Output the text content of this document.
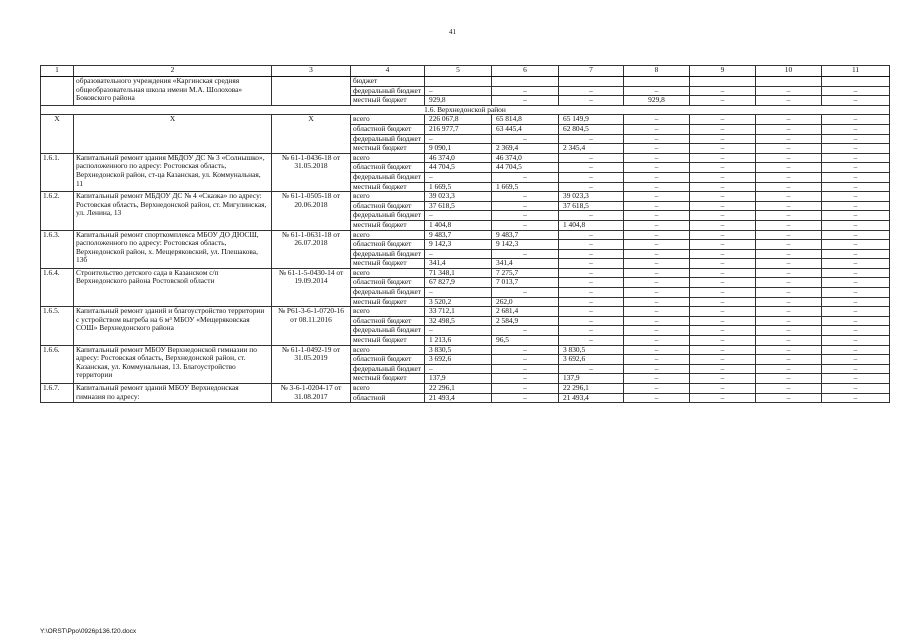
41
1	2	3	4	5	6	7	8	9	10	11
	образовательного учреждения «Каргинская средняя общеобразовательная школа имени М.А. Шолохова» Боковского района		бюджет							
			федеральный бюджет	–	–	–	–	–	–	–
			местный бюджет	929,8	–	–	929,8	–	–	–
1.6. Верхнедонской район										
Х	Х	Х	всего	226 067,8	65 814,8	65 149,9	–	–	–	–
			областной бюджет	216 977,7	63 445,4	62 804,5	–	–	–	–
			федеральный бюджет	–	–	–	–	–	–	–
			местный бюджет	9 090,1	2 369,4	2 345,4	–	–	–	–
1.6.1.	Капитальный ремонт здания МБДОУ ДС № 3 «Солнышко», расположенного по адресу: Ростовская область, Верхнедонской район, ст-ца Казанская, ул. Коммунальная, 11	№ 61-1-0436-18 от 31.05.2018	всего	46 374,0	46 374,0	–	–	–	–	–
			областной бюджет	44 704,5	44 704,5	–	–	–	–	–
			федеральный бюджет	–	–	–	–	–	–	–
			местный бюджет	1 669,5	1 669,5	–	–	–	–	–
1.6.2.	Капитальный ремонт МБДОУ ДС № 4 «Сказка» по адресу: Ростовская область, Верхнедонской район, ст. Мигулинская, ул. Ленина, 13	№ 61-1-0505-18 от 20.06.2018	всего	39 023,3	–	39 023,3	–	–	–	–
			областной бюджет	37 618,5	–	37 618,5	–	–	–	–
			федеральный бюджет	–	–	–	–	–	–	–
			местный бюджет	1 404,8	–	1 404,8	–	–	–	–
1.6.3.	Капитальный ремонт спорткомплекса МБОУ ДО ДЮСШ, расположенного по адресу: Ростовская область, Верхнедонской район, х. Мещеряковский, ул. Плешакова, 13б	№ 61-1-0631-18 от 26.07.2018	всего	9 483,7	9 483,7	–	–	–	–	–
			областной бюджет	9 142,3	9 142,3	–	–	–	–	–
			федеральный бюджет	–	–	–	–	–	–	–
			местный бюджет	341,4	341,4	–	–	–	–	–
1.6.4.	Строительство детского сада в Казанском с/п Верхнедонского района Ростовской области	№ 61-1-5-0430-14 от 19.09.2014	всего	71 348,1	7 275,7	–	–	–	–	–
			областной бюджет	67 827,9	7 013,7	–	–	–	–	–
			федеральный бюджет	–	–	–	–	–	–	–
			местный бюджет	3 520,2	262,0	–	–	–	–	–
1.6.5.	Капитальный ремонт зданий и благоустройство территории с устройством выгреба на 6 м³ МБОУ «Мещеряковская СОШ» Верхнедонского района	№ Р61-3-6-1-0720-16 от 08.11.2016	всего	33 712,1	2 681,4	–	–	–	–	–
			областной бюджет	32 498,5	2 584,9	–	–	–	–	–
			федеральный бюджет	–	–	–	–	–	–	–
			местный бюджет	1 213,6	96,5	–	–	–	–	–
1.6.6.	Капитальный ремонт МБОУ Верхнедонской гимназии по адресу: Ростовская область, Верхнедонской район, ст. Казанская, ул. Коммунальная, 13. Благоустройство территории	№ 61-1-0492-19 от 31.05.2019	всего	3 830,5	–	3 830,5	–	–	–	–
			областной бюджет	3 692,6	–	3 692,6	–	–	–	–
			федеральный бюджет	–	–	–	–	–	–	–
			местный бюджет	137,9	–	137,9	–	–	–	–
1.6.7.	Капитальный ремонт зданий МБОУ Верхнедонская гимназия по адресу:	№ 3-6-1-0204-17 от 31.08.2017	всего	22 296,1	–	22 296,1	–	–	–	–
			областной	21 493,4	–	21 493,4	–	–	–	–
Y:\ORST\Ppo\0926p136.f20.docx
